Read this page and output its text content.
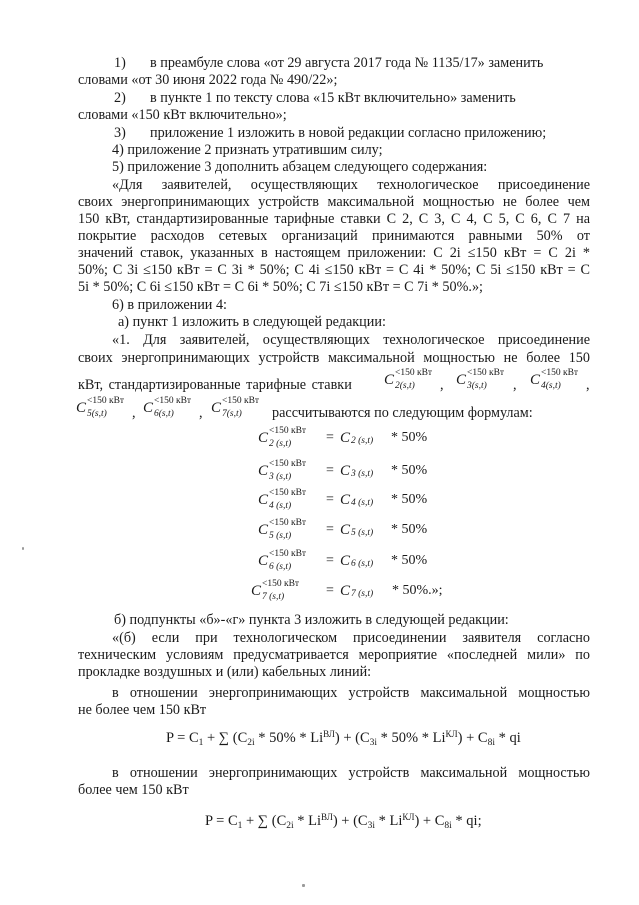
1) в преамбуле слова «от 29 августа 2017 года № 1135/17» заменить
словами «от 30 июня 2022 года № 490/22»;
2) в пункте 1 по тексту слова «15 кВт включительно» заменить
словами «150 кВт включительно»;
3) приложение 1 изложить в новой редакции согласно приложению;
4) приложение 2 признать утратившим силу;
5) приложение 3 дополнить абзацем следующего содержания:
«Для заявителей, осуществляющих технологическое присоединение
своих энергопринимающих устройств максимальной мощностью не более чем
150 кВт, стандартизированные тарифные ставки С 2, С 3, С 4, С 5, С 6, С 7 на
покрытие расходов сетевых организаций принимаются равными 50% от
значений ставок, указанных в настоящем приложении: С 2i ≤150 кВт = С 2i *
50%; С 3i ≤150 кВт = С 3i * 50%; С 4i ≤150 кВт = С 4i * 50%; С 5i ≤150 кВт = С
5i * 50%; С 6i ≤150 кВт = С 6i * 50%; С 7i ≤150 кВт = С 7i * 50%.»;
6) в приложении 4:
а) пункт 1 изложить в следующей редакции:
«1. Для заявителей, осуществляющих технологическое присоединение
своих энергопринимающих устройств максимальной мощностью не более 150
кВт, стандартизированные тарифные ставки C <150 кВт
2(s,t) , C <150 кВт
3(s,t) , C <150 кВт
4(s,t) ,
C <150 кВт
5(s,t) , C <150 кВт
6(s,t) , C <150 кВт
7(s,t) рассчитываются по следующим формулам:
C <150 кВт
2 (s,t) = C 2 (s,t) * 50%
C <150 кВт
3 (s,t) = C 3 (s,t) * 50%
C <150 кВт
4 (s,t) = C 4 (s,t) * 50%
C <150 кВт
5 (s,t) = C 5 (s,t) * 50%
C <150 кВт
6 (s,t) = C 6 (s,t) * 50%
C <150 кВт
7 (s,t)	= C 7 (s,t) * 50%.»;
б) подпункты «б»-«г» пункта 3 изложить в следующей редакции:
«(б) если при технологическом присоединении заявителя согласно
техническим условиям предусматривается мероприятие «последней мили» по
прокладке воздушных и (или) кабельных линий:
в отношении энергопринимающих устройств максимальной мощностью
не более чем 150 кВт
P = C1 + ∑ (C2i * 50% * LiВЛ) + (C3i * 50% * LiКЛ) + C8i * qi
в отношении энергопринимающих устройств максимальной мощностью
более чем 150 кВт
P = C1 + ∑ (C2i * LiВЛ) + (C3i * LiКЛ) + C8i * qi;
